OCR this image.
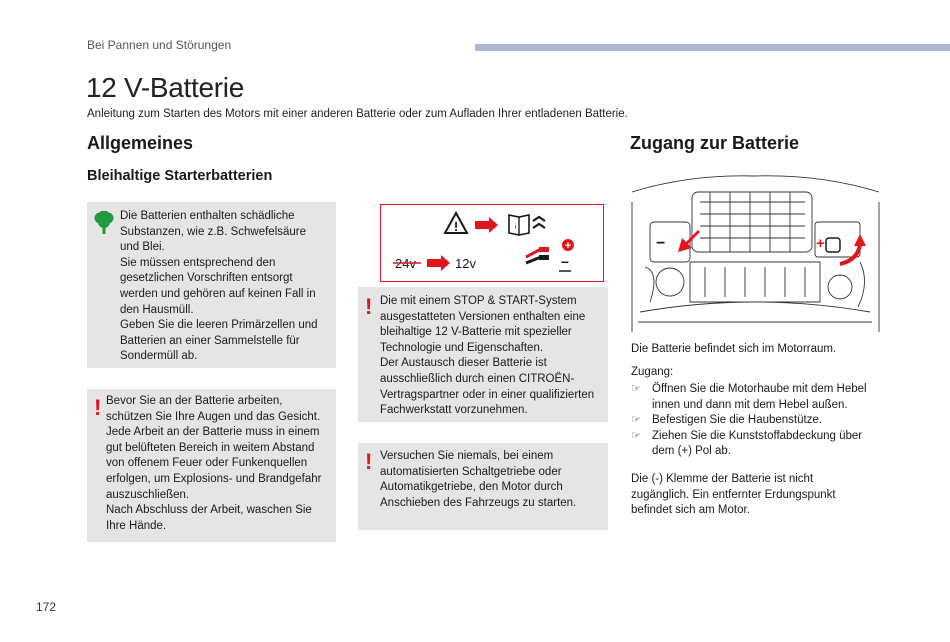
Bei Pannen und Störungen
12 V-Batterie
Anleitung zum Starten des Motors mit einer anderen Batterie oder zum Aufladen Ihrer entladenen Batterie.
Allgemeines
Bleihaltige Starterbatterien
Die Batterien enthalten schädliche
Substanzen, wie z.B. Schwefelsäure
und Blei.
Sie müssen entsprechend den
gesetzlichen Vorschriften entsorgt
werden und gehören auf keinen Fall in
den Hausmüll.
Geben Sie die leeren Primärzellen und
Batterien an einer Sammelstelle für
Sondermüll ab.
! Bevor Sie an der Batterie arbeiten,
schützen Sie Ihre Augen und das Gesicht.
Jede Arbeit an der Batterie muss in einem
gut belüfteten Bereich in weitem Abstand
von offenem Feuer oder Funkenquellen
erfolgen, um Explosions- und Brandgefahr
auszuschließen.
Nach Abschluss der Arbeit, waschen Sie
Ihre Hände.
!	i
24v	12v
+
−
! Die mit einem STOP & START-System
ausgestatteten Versionen enthalten eine
bleihaltige 12 V-Batterie mit spezieller
Technologie und Eigenschaften.
Der Austausch dieser Batterie ist
ausschließlich durch einen CITROËN-
Vertragspartner oder in einer qualifizierten
Fachwerkstatt vorzunehmen.
! Versuchen Sie niemals, bei einem
automatisierten Schaltgetriebe oder
Automatikgetriebe, den Motor durch
Anschieben des Fahrzeugs zu starten.
Zugang zur Batterie
−	+
Die Batterie befindet sich im Motorraum.
Zugang:
☞ Öffnen Sie die Motorhaube mit dem Hebel
innen und dann mit dem Hebel außen.
☞ Befestigen Sie die Haubenstütze.
☞ Ziehen Sie die Kunststoffabdeckung über
dem (+) Pol ab.
Die (-) Klemme der Batterie ist nicht
zugänglich. Ein entfernter Erdungspunkt
befindet sich am Motor.
172
